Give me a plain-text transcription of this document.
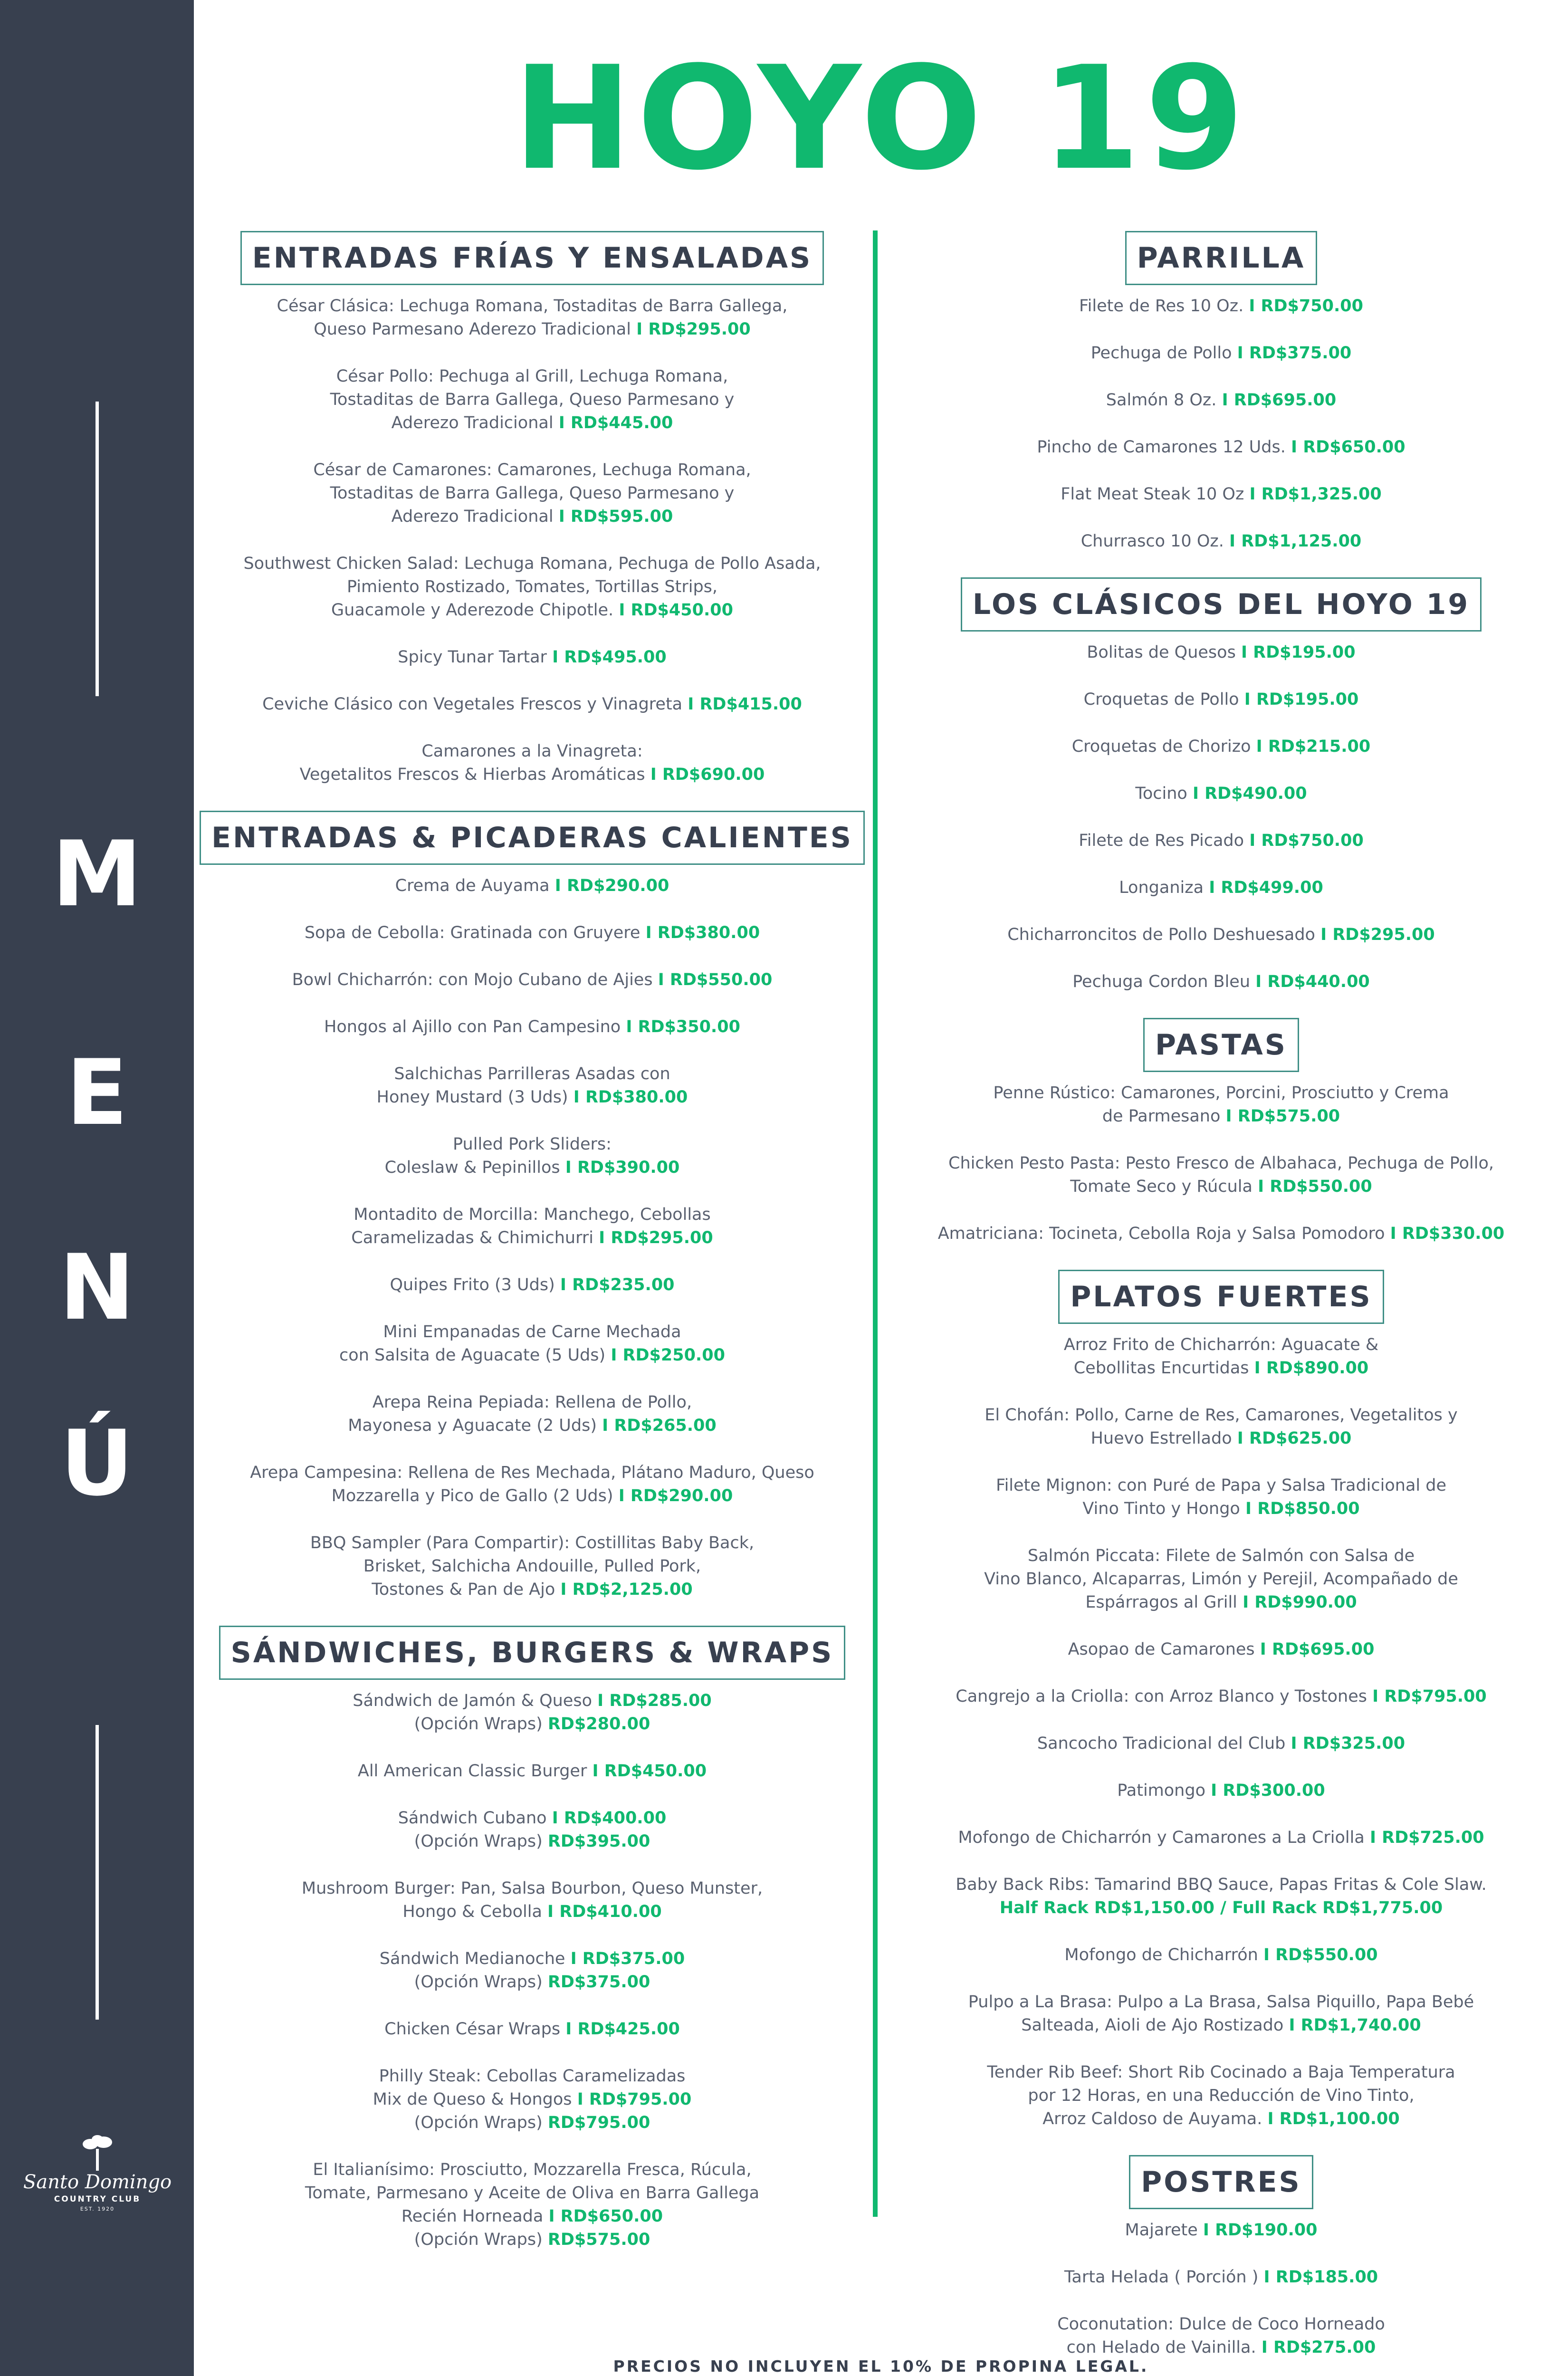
M
E
N
Ú
Santo Domingo
COUNTRY CLUB
EST. 1920
HOYO 19
ENTRADAS FRÍAS Y ENSALADAS
César Clásica: Lechuga Romana, Tostaditas de Barra Gallega,
Queso Parmesano Aderezo Tradicional I RD$295.00
César Pollo: Pechuga al Grill, Lechuga Romana,
Tostaditas de Barra Gallega, Queso Parmesano y
Aderezo Tradicional I RD$445.00
César de Camarones: Camarones, Lechuga Romana,
Tostaditas de Barra Gallega, Queso Parmesano y
Aderezo Tradicional I RD$595.00
Southwest Chicken Salad: Lechuga Romana, Pechuga de Pollo Asada,
Pimiento Rostizado, Tomates, Tortillas Strips,
Guacamole y Aderezode Chipotle. I RD$450.00
Spicy Tunar Tartar I RD$495.00
Ceviche Clásico con Vegetales Frescos y Vinagreta I RD$415.00
Camarones a la Vinagreta:
Vegetalitos Frescos & Hierbas Aromáticas I RD$690.00
ENTRADAS & PICADERAS CALIENTES
Crema de Auyama I RD$290.00
Sopa de Cebolla: Gratinada con Gruyere I RD$380.00
Bowl Chicharrón: con Mojo Cubano de Ajies I RD$550.00
Hongos al Ajillo con Pan Campesino I RD$350.00
Salchichas Parrilleras Asadas con
Honey Mustard (3 Uds) I RD$380.00
Pulled Pork Sliders:
Coleslaw & Pepinillos I RD$390.00
Montadito de Morcilla: Manchego, Cebollas
Caramelizadas & Chimichurri I RD$295.00
Quipes Frito (3 Uds) I RD$235.00
Mini Empanadas de Carne Mechada
con Salsita de Aguacate (5 Uds) I RD$250.00
Arepa Reina Pepiada: Rellena de Pollo,
Mayonesa y Aguacate (2 Uds) I RD$265.00
Arepa Campesina: Rellena de Res Mechada, Plátano Maduro, Queso
Mozzarella y Pico de Gallo (2 Uds) I RD$290.00
BBQ Sampler (Para Compartir): Costillitas Baby Back,
Brisket, Salchicha Andouille, Pulled Pork,
Tostones & Pan de Ajo I RD$2,125.00
SÁNDWICHES, BURGERS & WRAPS
Sándwich de Jamón & Queso I RD$285.00
(Opción Wraps) RD$280.00
All American Classic Burger I RD$450.00
Sándwich Cubano I RD$400.00
(Opción Wraps) RD$395.00
Mushroom Burger: Pan, Salsa Bourbon, Queso Munster,
Hongo & Cebolla I RD$410.00
Sándwich Medianoche I RD$375.00
(Opción Wraps) RD$375.00
Chicken César Wraps I RD$425.00
Philly Steak: Cebollas Caramelizadas
Mix de Queso & Hongos I RD$795.00
(Opción Wraps) RD$795.00
El Italianísimo: Prosciutto, Mozzarella Fresca, Rúcula,
Tomate, Parmesano y Aceite de Oliva en Barra Gallega
Recién Horneada I RD$650.00
(Opción Wraps) RD$575.00
PARRILLA
Filete de Res 10 Oz. I RD$750.00
Pechuga de Pollo I RD$375.00
Salmón 8 Oz. I RD$695.00
Pincho de Camarones 12 Uds. I RD$650.00
Flat Meat Steak 10 Oz I RD$1,325.00
Churrasco 10 Oz. I RD$1,125.00
LOS CLÁSICOS DEL HOYO 19
Bolitas de Quesos I RD$195.00
Croquetas de Pollo I RD$195.00
Croquetas de Chorizo I RD$215.00
Tocino I RD$490.00
Filete de Res Picado I RD$750.00
Longaniza I RD$499.00
Chicharroncitos de Pollo Deshuesado I RD$295.00
Pechuga Cordon Bleu I RD$440.00
PASTAS
Penne Rústico: Camarones, Porcini, Prosciutto y Crema
de Parmesano I RD$575.00
Chicken Pesto Pasta: Pesto Fresco de Albahaca, Pechuga de Pollo,
Tomate Seco y Rúcula I RD$550.00
Amatriciana: Tocineta, Cebolla Roja y Salsa Pomodoro I RD$330.00
PLATOS FUERTES
Arroz Frito de Chicharrón: Aguacate &
Cebollitas Encurtidas I RD$890.00
El Chofán: Pollo, Carne de Res, Camarones, Vegetalitos y
Huevo Estrellado I RD$625.00
Filete Mignon: con Puré de Papa y Salsa Tradicional de
Vino Tinto y Hongo I RD$850.00
Salmón Piccata: Filete de Salmón con Salsa de
Vino Blanco, Alcaparras, Limón y Perejil, Acompañado de
Espárragos al Grill I RD$990.00
Asopao de Camarones I RD$695.00
Cangrejo a la Criolla: con Arroz Blanco y Tostones I RD$795.00
Sancocho Tradicional del Club I RD$325.00
Patimongo I RD$300.00
Mofongo de Chicharrón y Camarones a La Criolla I RD$725.00
Baby Back Ribs: Tamarind BBQ Sauce, Papas Fritas & Cole Slaw.
Half Rack RD$1,150.00 / Full Rack RD$1,775.00
Mofongo de Chicharrón I RD$550.00
Pulpo a La Brasa: Pulpo a La Brasa, Salsa Piquillo, Papa Bebé
Salteada, Aioli de Ajo Rostizado I RD$1,740.00
Tender Rib Beef: Short Rib Cocinado a Baja Temperatura
por 12 Horas, en una Reducción de Vino Tinto,
Arroz Caldoso de Auyama. I RD$1,100.00
POSTRES
Majarete I RD$190.00
Tarta Helada ( Porción ) I RD$185.00
Coconutation: Dulce de Coco Horneado
con Helado de Vainilla. I RD$275.00
PRECIOS NO INCLUYEN EL 10% DE PROPINA LEGAL.
